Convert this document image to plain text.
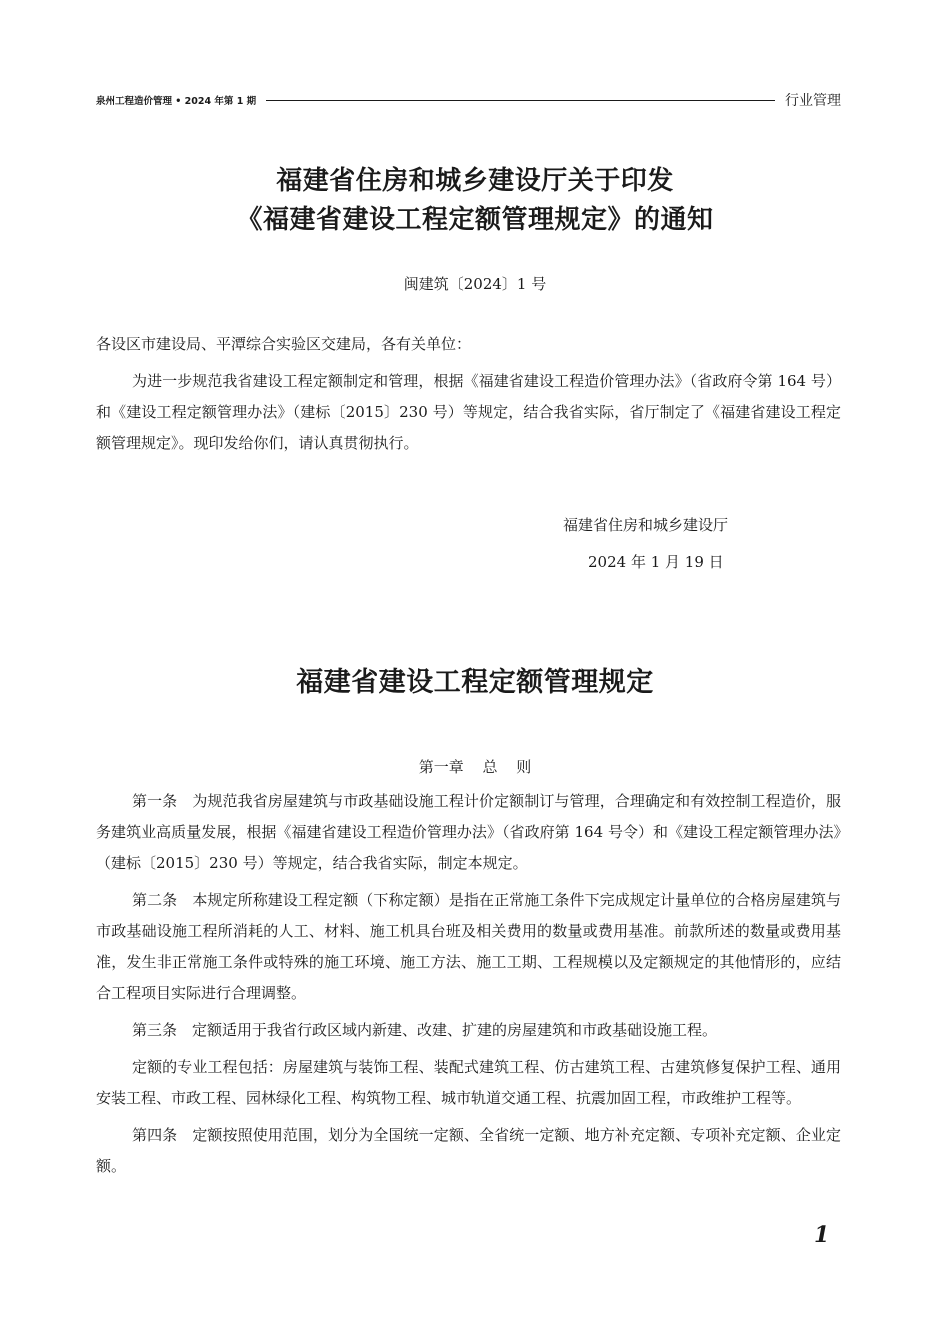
泉州工程造价管理 • 2024 年第 1 期	行业管理
福建省住房和城乡建设厅关于印发
《福建省建设工程定额管理规定》的通知
闽建筑〔2024〕1 号

各设区市建设局、平潭综合实验区交建局，各有关单位：

为进一步规范我省建设工程定额制定和管理，根据《福建省建设工程造价管理办法》（省政府令第 164 号）和《建设工程定额管理办法》（建标〔2015〕230 号）等规定，结合我省实际，省厅制定了《福建省建设工程定额管理规定》。现印发给你们，请认真贯彻执行。

福建省住房和城乡建设厅
2024 年 1 月 19 日
福建省建设工程定额管理规定
第一章 总 则

第一条　为规范我省房屋建筑与市政基础设施工程计价定额制订与管理，合理确定和有效控制工程造价，服务建筑业高质量发展，根据《福建省建设工程造价管理办法》（省政府第 164 号令）和《建设工程定额管理办法》（建标〔2015〕230 号）等规定，结合我省实际，制定本规定。

第二条　本规定所称建设工程定额（下称定额）是指在正常施工条件下完成规定计量单位的合格房屋建筑与市政基础设施工程所消耗的人工、材料、施工机具台班及相关费用的数量或费用基准。前款所述的数量或费用基准，发生非正常施工条件或特殊的施工环境、施工方法、施工工期、工程规模以及定额规定的其他情形的，应结合工程项目实际进行合理调整。

第三条　定额适用于我省行政区域内新建、改建、扩建的房屋建筑和市政基础设施工程。

定额的专业工程包括：房屋建筑与装饰工程、装配式建筑工程、仿古建筑工程、古建筑修复保护工程、通用安装工程、市政工程、园林绿化工程、构筑物工程、城市轨道交通工程、抗震加固工程，市政维护工程等。

第四条　定额按照使用范围，划分为全国统一定额、全省统一定额、地方补充定额、专项补充定额、企业定额。

1
